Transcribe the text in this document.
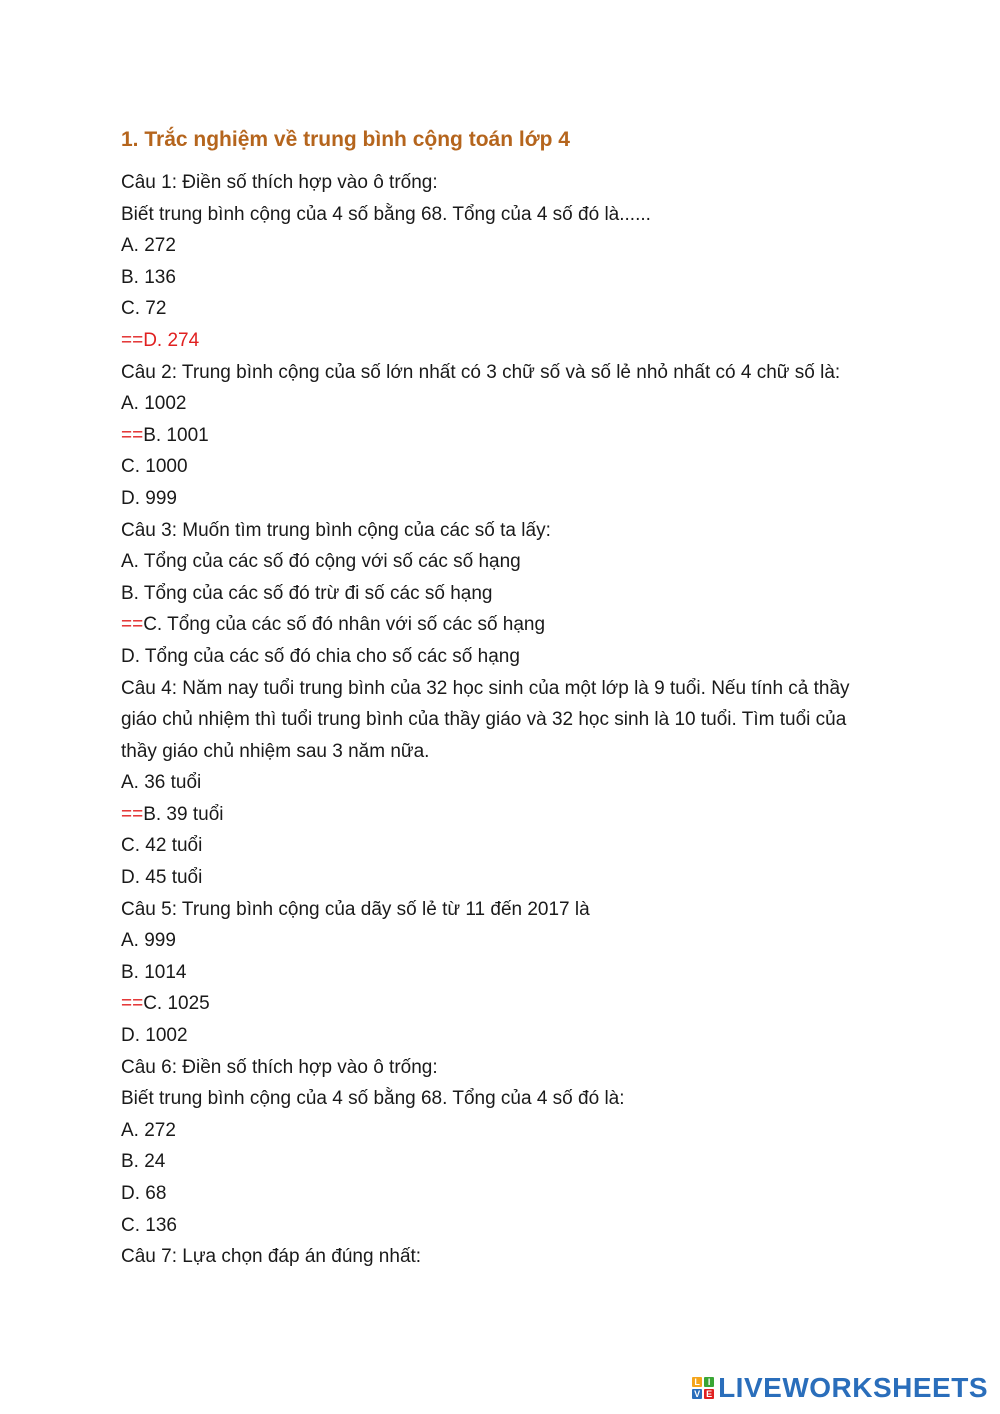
1. Trắc nghiệm về trung bình cộng toán lớp 4
Câu 1: Điền số thích hợp vào ô trống:
Biết trung bình cộng của 4 số bằng 68. Tổng của 4 số đó là......
A. 272
B. 136
C. 72
==D. 274
Câu 2: Trung bình cộng của số lớn nhất có 3 chữ số và số lẻ nhỏ nhất có 4 chữ số là:
A. 1002
==B. 1001
C. 1000
D. 999
Câu 3: Muốn tìm trung bình cộng của các số ta lấy:
A. Tổng của các số đó cộng với số các số hạng
B. Tổng của các số đó trừ đi số các số hạng
==C. Tổng của các số đó nhân với số các số hạng
D. Tổng của các số đó chia cho số các số hạng
Câu 4: Năm nay tuổi trung bình của 32 học sinh của một lớp là 9 tuổi. Nếu tính cả thầy
giáo chủ nhiệm thì tuổi trung bình của thầy giáo và 32 học sinh là 10 tuổi. Tìm tuổi của
thầy giáo chủ nhiệm sau 3 năm nữa.
A. 36 tuổi
==B. 39 tuổi
C. 42 tuổi
D. 45 tuổi
Câu 5: Trung bình cộng của dãy số lẻ từ 11 đến 2017 là
A. 999
B. 1014
==C. 1025
D. 1002
Câu 6: Điền số thích hợp vào ô trống:
Biết trung bình cộng của 4 số bằng 68. Tổng của 4 số đó là:
A. 272
B. 24
D. 68
C. 136
Câu 7: Lựa chọn đáp án đúng nhất:
L I
V E LIVEWORKSHEETS
